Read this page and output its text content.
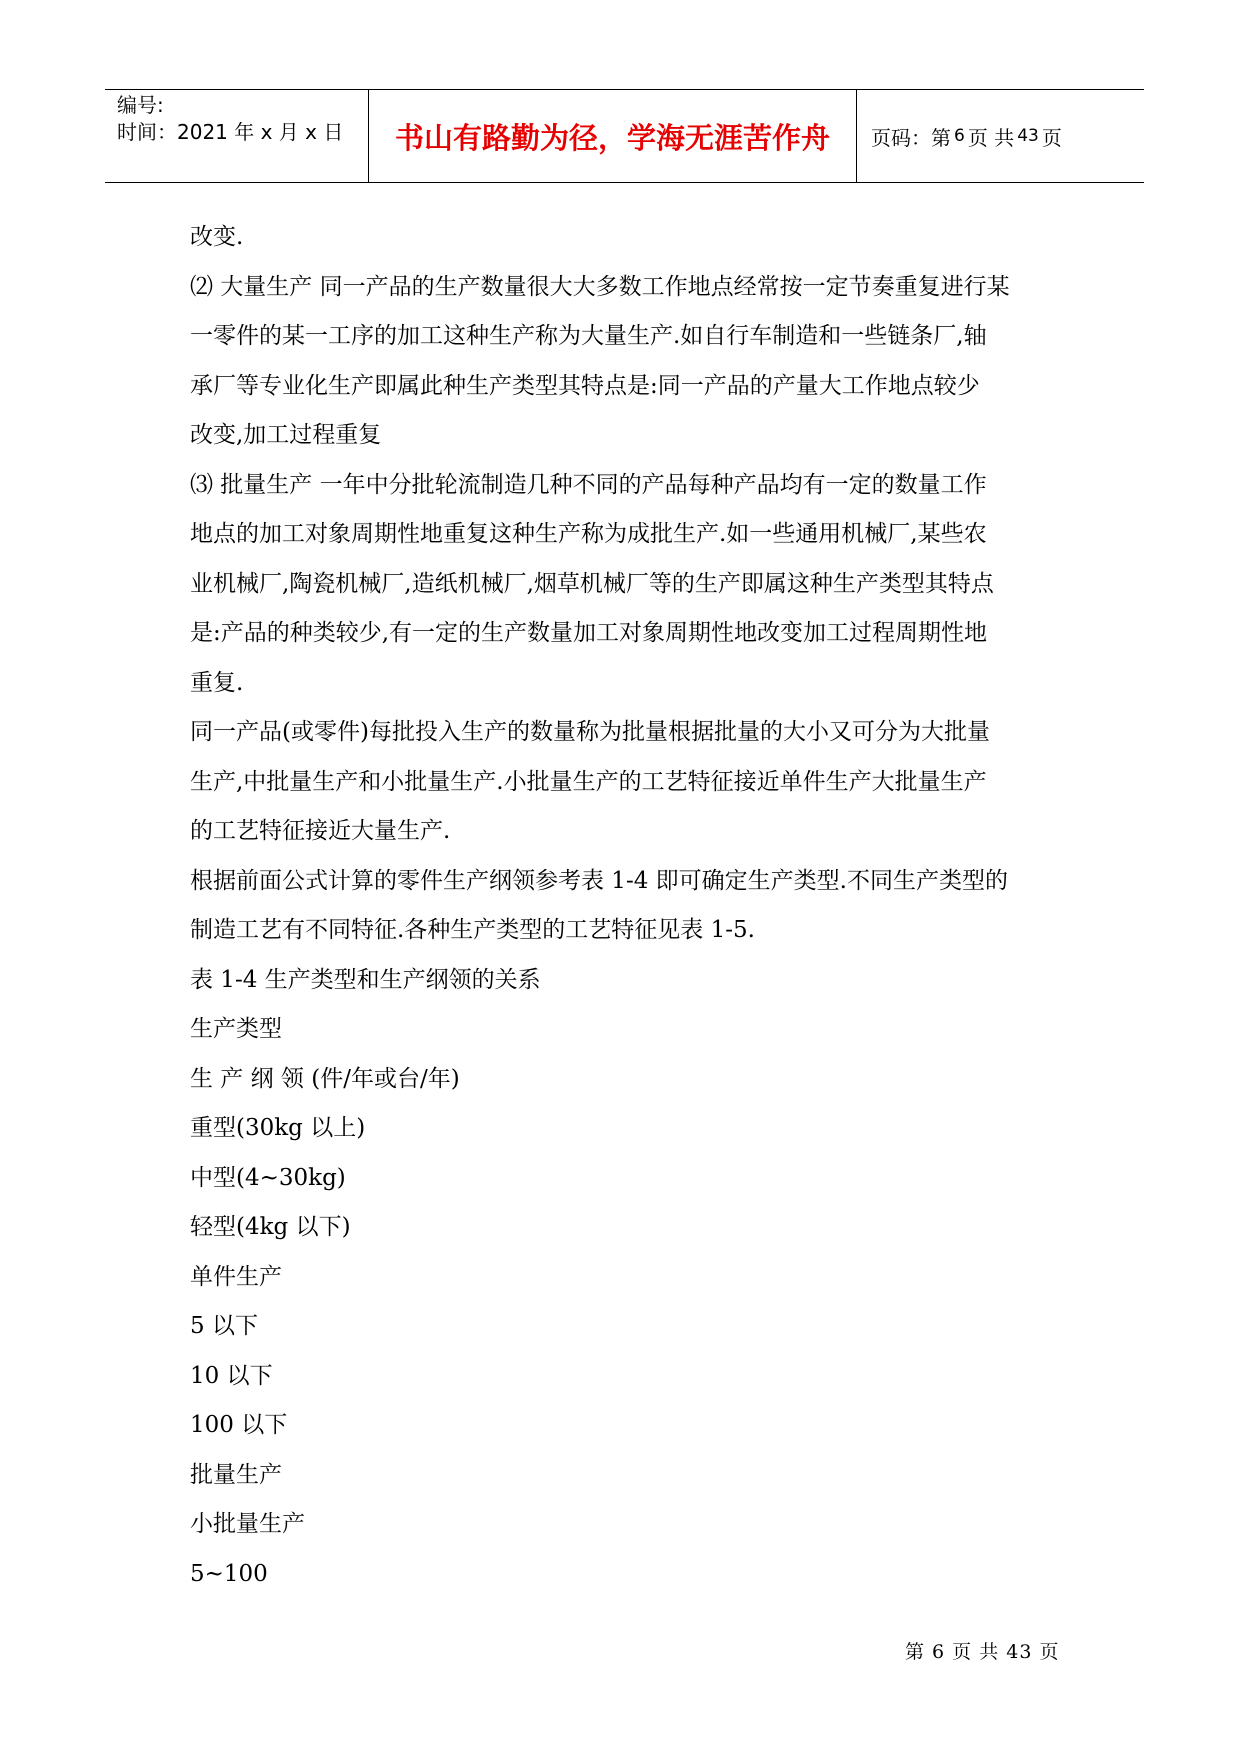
编号:
时间：2021 年 x 月 x 日	书山有路勤为径，学海无涯苦作舟	页码：第 6 页 共 43 页

改变.

⑵ 大量生产 同一产品的生产数量很大大多数工作地点经常按一定节奏重复进行某

一零件的某一工序的加工这种生产称为大量生产.如自行车制造和一些链条厂,轴

承厂等专业化生产即属此种生产类型其特点是:同一产品的产量大工作地点较少

改变,加工过程重复

⑶ 批量生产 一年中分批轮流制造几种不同的产品每种产品均有一定的数量工作

地点的加工对象周期性地重复这种生产称为成批生产.如一些通用机械厂,某些农

业机械厂,陶瓷机械厂,造纸机械厂,烟草机械厂等的生产即属这种生产类型其特点

是:产品的种类较少,有一定的生产数量加工对象周期性地改变加工过程周期性地

重复.

同一产品(或零件)每批投入生产的数量称为批量根据批量的大小又可分为大批量

生产,中批量生产和小批量生产.小批量生产的工艺特征接近单件生产大批量生产

的工艺特征接近大量生产.

根据前面公式计算的零件生产纲领参考表 1-4 即可确定生产类型.不同生产类型的

制造工艺有不同特征.各种生产类型的工艺特征见表 1-5.

表 1-4 生产类型和生产纲领的关系

生产类型

生 产 纲 领 (件/年或台/年)

重型(30kg 以上)

中型(4~30kg)

轻型(4kg 以下)

单件生产

5 以下

10 以下

100 以下

批量生产

小批量生产

5~100

第 6 页 共 43 页
